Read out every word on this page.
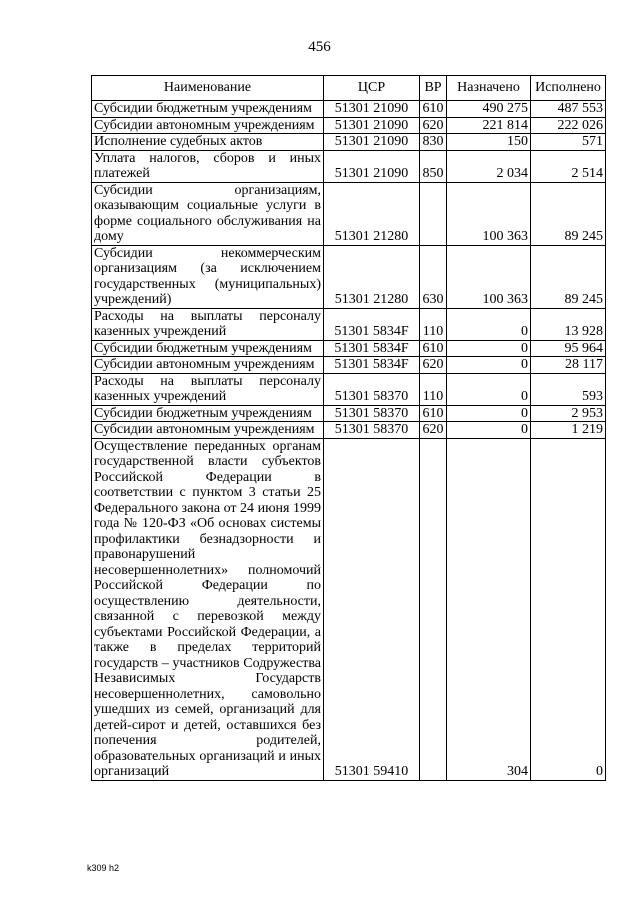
456
Наименование	ЦСР	ВР	Назначено	Исполнено
Субсидии бюджетным учреждениям	51301 21090	610	490 275	487 553
Субсидии автономным учреждениям	51301 21090	620	221 814	222 026
Исполнение судебных актов	51301 21090	830	150	571
Уплата налогов, сборов и иных платежей	51301 21090	850	2 034	2 514
Субсидии организациям, оказывающим социальные услуги в форме социального обслуживания на дому	51301 21280		100 363	89 245
Субсидии некоммерческим организациям (за исключением государственных (муниципальных) учреждений)	51301 21280	630	100 363	89 245
Расходы на выплаты персоналу казенных учреждений	51301 5834F	110	0	13 928
Субсидии бюджетным учреждениям	51301 5834F	610	0	95 964
Субсидии автономным учреждениям	51301 5834F	620	0	28 117
Расходы на выплаты персоналу казенных учреждений	51301 58370	110	0	593
Субсидии бюджетным учреждениям	51301 58370	610	0	2 953
Субсидии автономным учреждениям	51301 58370	620	0	1 219
Осуществление переданных органам государственной власти субъектов Российской Федерации в соответствии с пунктом 3 статьи 25 Федерального закона от 24 июня 1999 года № 120-ФЗ «Об основах системы профилактики безнадзорности и правонарушений несовершеннолетних» полномочий Российской Федерации по осуществлению деятельности, связанной с перевозкой между субъектами Российской Федерации, а также в пределах территорий государств – участников Содружества Независимых Государств несовершеннолетних, самовольно ушедших из семей, организаций для детей-сирот и детей, оставшихся без попечения родителей, образовательных организаций и иных организаций	51301 59410		304	0
k309 h2
